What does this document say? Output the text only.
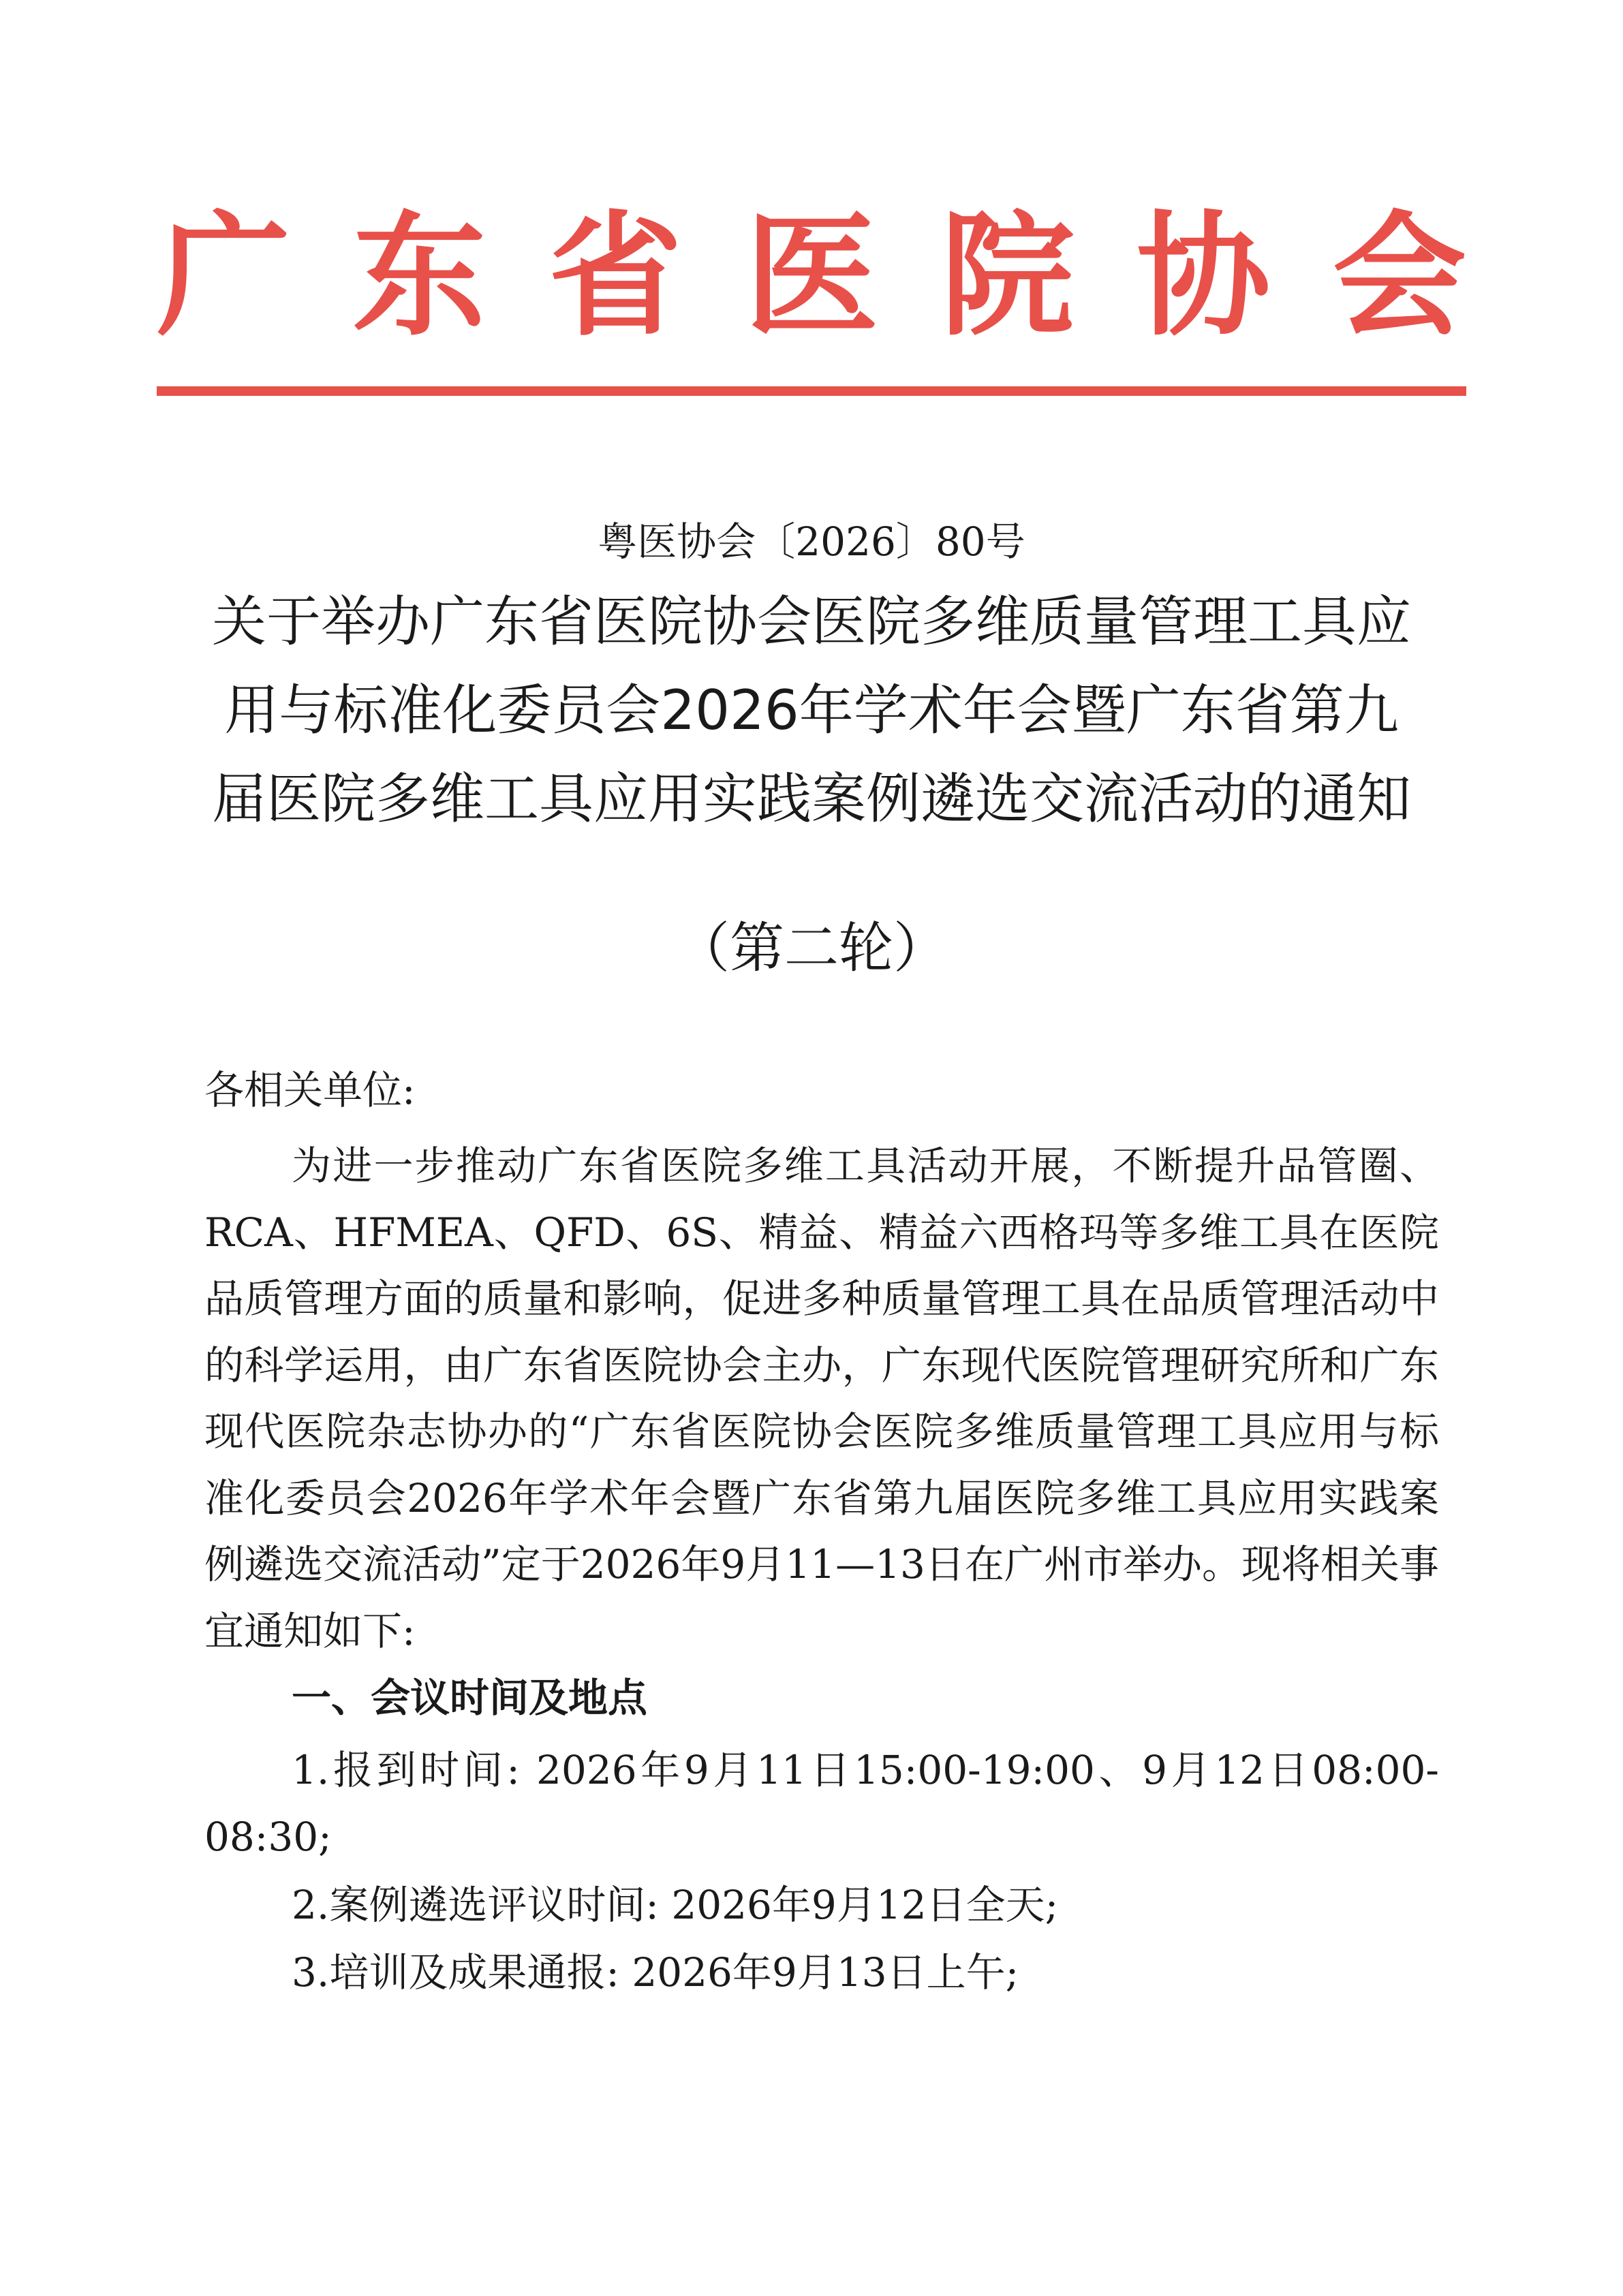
广 东 省 医 院 协 会
粤医协会〔2026〕80号
关于举办广东省医院协会医院多维质量管理工具应用与标准化委员会2026年学术年会暨广东省第九届医院多维工具应用实践案例遴选交流活动的通知
（第二轮）
各相关单位:
为进一步推动广东省医院多维工具活动开展，不断提升品管圈、RCA、HFMEA、QFD、6S、精益、精益六西格玛等多维工具在医院品质管理方面的质量和影响，促进多种质量管理工具在品质管理活动中的科学运用，由广东省医院协会主办，广东现代医院管理研究所和广东现代医院杂志协办的“广东省医院协会医院多维质量管理工具应用与标准化委员会2026年学术年会暨广东省第九届医院多维工具应用实践案例遴选交流活动”定于2026年9月11—13日在广州市举办。现将相关事宜通知如下:
一、会议时间及地点
1.报到时间: 2026年9月11日15:00-19:00、9月12日08:00-08:30;
2.案例遴选评议时间: 2026年9月12日全天;
3.培训及成果通报: 2026年9月13日上午;
